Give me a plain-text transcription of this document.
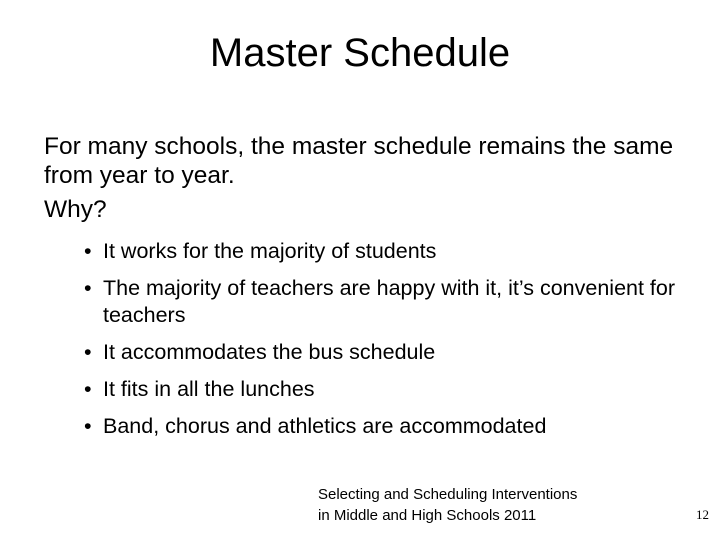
Master Schedule

For many schools, the master schedule remains the same from year to year.

Why?

• It works for the majority of students
• The majority of teachers are happy with it, it’s convenient for teachers
• It accommodates the bus schedule
• It fits in all the lunches
• Band, chorus and athletics are accommodated
Selecting and Scheduling Interventions
in Middle and High Schools 2011	12
